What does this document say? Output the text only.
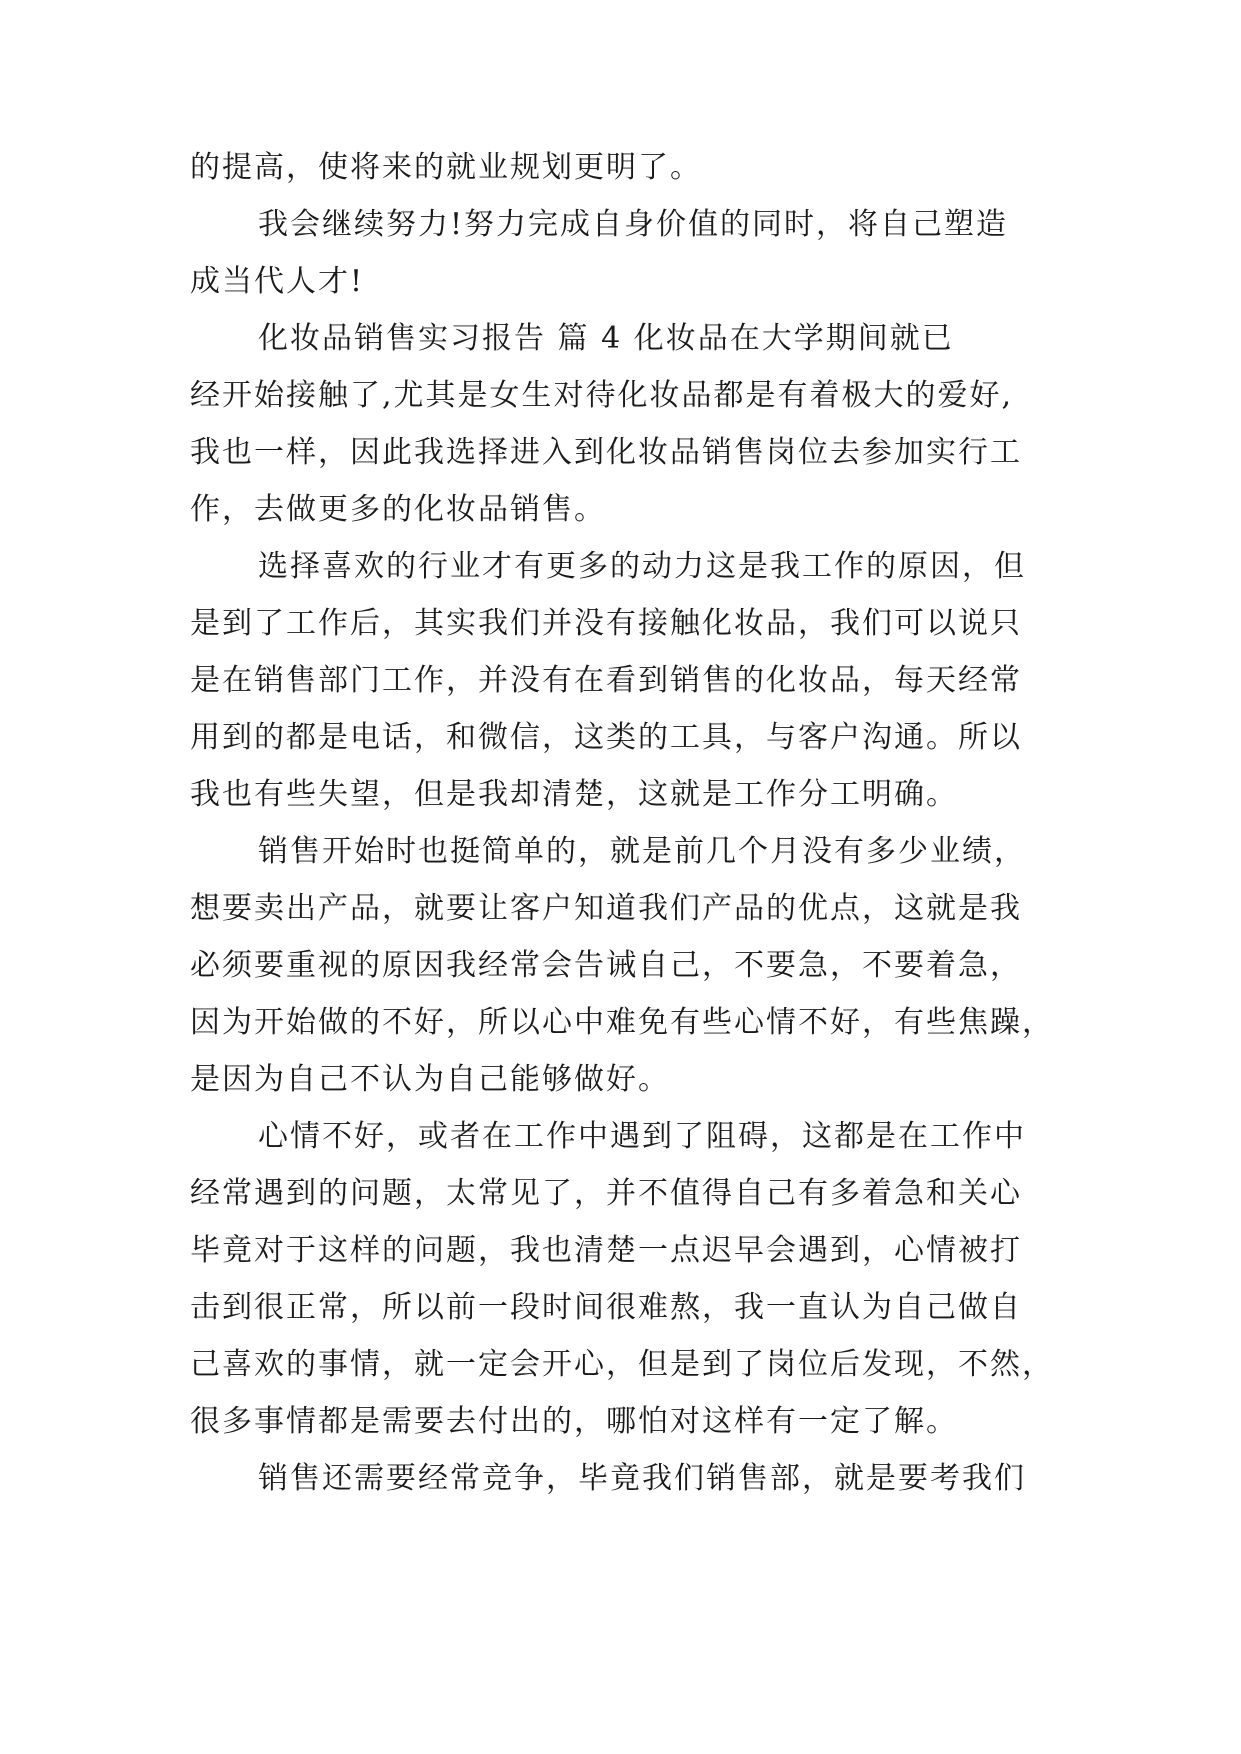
的提高，使将来的就业规划更明了。
我会继续努力!努力完成自身价值的同时，将自己塑造
成当代人才!
化妆品销售实习报告 篇 4 化妆品在大学期间就已
经开始接触了,尤其是女生对待化妆品都是有着极大的爱好,
我也一样，因此我选择进入到化妆品销售岗位去参加实行工
作，去做更多的化妆品销售。
选择喜欢的行业才有更多的动力这是我工作的原因，但
是到了工作后，其实我们并没有接触化妆品，我们可以说只
是在销售部门工作，并没有在看到销售的化妆品，每天经常
用到的都是电话，和微信，这类的工具，与客户沟通。所以
我也有些失望，但是我却清楚，这就是工作分工明确。
销售开始时也挺简单的，就是前几个月没有多少业绩，
想要卖出产品，就要让客户知道我们产品的优点，这就是我
必须要重视的原因我经常会告诫自己，不要急，不要着急，
因为开始做的不好，所以心中难免有些心情不好，有些焦躁，
是因为自己不认为自己能够做好。
心情不好，或者在工作中遇到了阻碍，这都是在工作中
经常遇到的问题，太常见了，并不值得自己有多着急和关心
毕竟对于这样的问题，我也清楚一点迟早会遇到，心情被打
击到很正常，所以前一段时间很难熬，我一直认为自己做自
己喜欢的事情，就一定会开心，但是到了岗位后发现，不然，
很多事情都是需要去付出的，哪怕对这样有一定了解。
销售还需要经常竞争，毕竟我们销售部，就是要考我们
